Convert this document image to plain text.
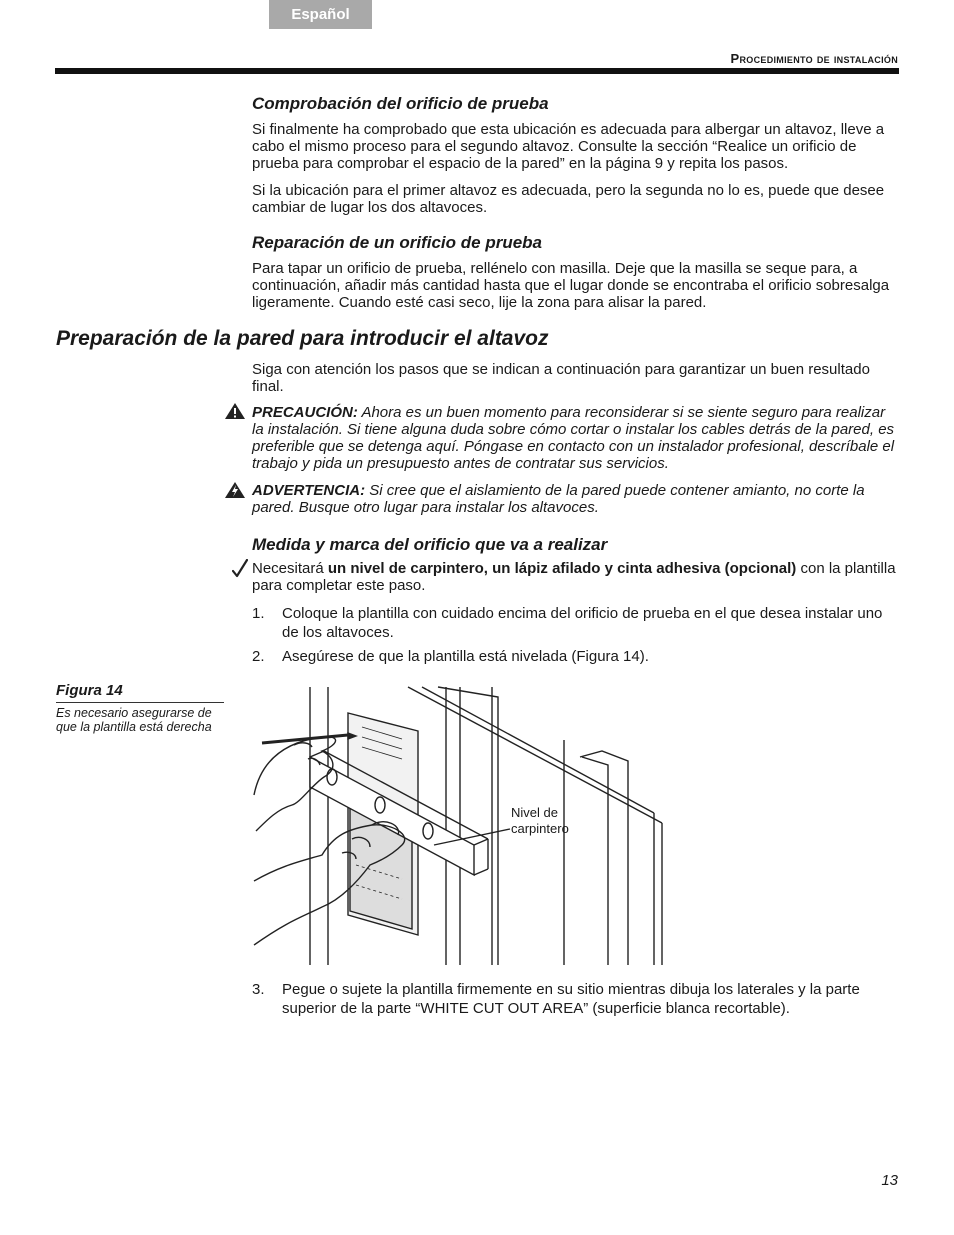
Español
Procedimiento de instalación
Comprobación del orificio de prueba

Si finalmente ha comprobado que esta ubicación es adecuada para albergar un altavoz, lleve a cabo el mismo proceso para el segundo altavoz. Consulte la sección “Realice un orificio de prueba para comprobar el espacio de la pared” en la página 9 y repita los pasos.

Si la ubicación para el primer altavoz es adecuada, pero la segunda no lo es, puede que desee cambiar de lugar los dos altavoces.

Reparación de un orificio de prueba

Para tapar un orificio de prueba, rellénelo con masilla. Deje que la masilla se seque para, a continuación, añadir más cantidad hasta que el lugar donde se encontraba el orificio sobresalga ligeramente. Cuando esté casi seco, lije la zona para alisar la pared.

Preparación de la pared para introducir el altavoz

Siga con atención los pasos que se indican a continuación para garantizar un buen resultado final.

PRECAUCIÓN: Ahora es un buen momento para reconsiderar si se siente seguro para realizar la instalación. Si tiene alguna duda sobre cómo cortar o instalar los cables detrás de la pared, es preferible que se detenga aquí. Póngase en contacto con un instalador profesional, descríbale el trabajo y pida un presupuesto antes de contratar sus servicios.

ADVERTENCIA: Si cree que el aislamiento de la pared puede contener amianto, no corte la pared. Busque otro lugar para instalar los altavoces.

Medida y marca del orificio que va a realizar

Necesitará un nivel de carpintero, un lápiz afilado y cinta adhesiva (opcional) con la plantilla para completar este paso.

1. Coloque la plantilla con cuidado encima del orificio de prueba en el que desea instalar uno de los altavoces.
2. Asegúrese de que la plantilla está nivelada (Figura 14).
Figura 14
Es necesario asegurarse de que la plantilla está derecha
Nivel de carpintero
3. Pegue o sujete la plantilla firmemente en su sitio mientras dibuja los laterales y la parte superior de la parte “WHITE CUT OUT AREA” (superficie blanca recortable).
13
